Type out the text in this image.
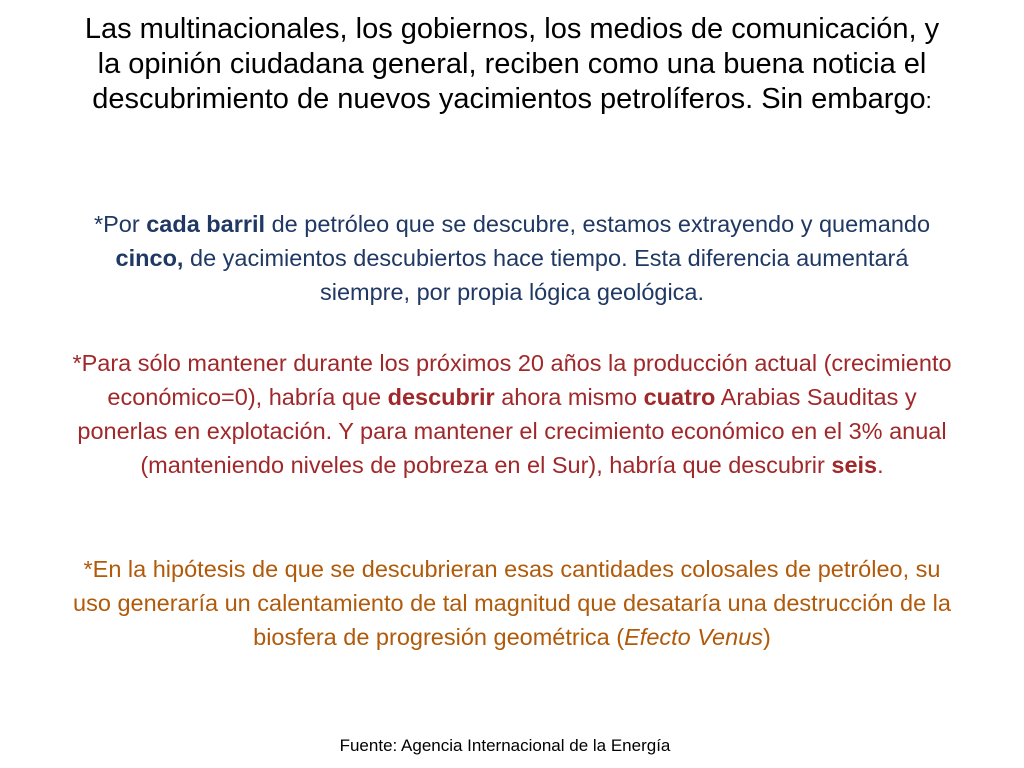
Las multinacionales, los gobiernos, los medios de comunicación, y la opinión ciudadana general, reciben como una buena noticia el descubrimiento de nuevos yacimientos petrolíferos. Sin embargo:

*Por cada barril de petróleo que se descubre, estamos extrayendo y quemando cinco, de yacimientos descubiertos hace tiempo. Esta diferencia aumentará siempre, por propia lógica geológica.

*Para sólo mantener durante los próximos 20 años la producción actual (crecimiento económico=0), habría que descubrir ahora mismo cuatro Arabias Sauditas y ponerlas en explotación. Y para mantener el crecimiento económico en el 3% anual (manteniendo niveles de pobreza en el Sur), habría que descubrir seis.

*En la hipótesis de que se descubrieran esas cantidades colosales de petróleo, su uso generaría un calentamiento de tal magnitud que desataría una destrucción de la biosfera de progresión geométrica (Efecto Venus)

Fuente: Agencia Internacional de la Energía
